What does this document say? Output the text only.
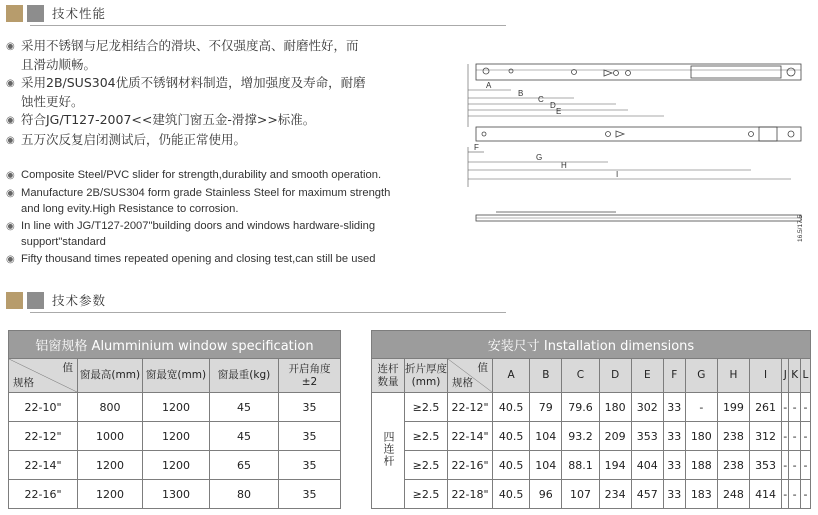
技术性能
◉ 采用不锈钢与尼龙相结合的滑块、不仅强度高、耐磨性好，而
且滑动顺畅。
◉ 采用2B/SUS304优质不锈钢材料制造，增加强度及寿命，耐磨
蚀性更好。
◉ 符合JG/T127-2007<<建筑门窗五金-滑撑>>标准。
◉ 五万次反复启闭测试后，仍能正常使用。
◉ Composite Steel/PVC slider for strength,durability and smooth operation.
◉ Manufacture 2B/SUS304 form grade Stainless Steel for maximum strength
and long evity.High Resistance to corrosion.
◉ In line with JG/T127-2007"building doors and windows hardware-sliding
support"standard
◉ Fifty thousand times repeated opening and closing test,can still be used
A
B
C
D
E
F
G
H
I
16.5/17.5
技术参数
铝窗规格 Alumminium window specification				

值
规格	窗最高(mm)	窗最宽(mm)	窗最重(kg)	开启角度
±2
22-10"	800	1200	45	35
22-12"	1000	1200	45	35
22-14"	1200	1200	65	35
22-16"	1200	1300	80	35
安装尺寸 Installation dimensions														
连杆
数量	折片厚度
(mm)	值
规格	A	B	C	D	E	F	G	H	I	J	K	L
四连杆	≥2.5	22-12"	40.5	79	79.6	180	302	33	-	199	261	-	-	-
	≥2.5	22-14"	40.5	104	93.2	209	353	33	180	238	312	-	-	-
	≥2.5	22-16"	40.5	104	88.1	194	404	33	188	238	353	-	-	-
	≥2.5	22-18"	40.5	96	107	234	457	33	183	248	414	-	-	-
